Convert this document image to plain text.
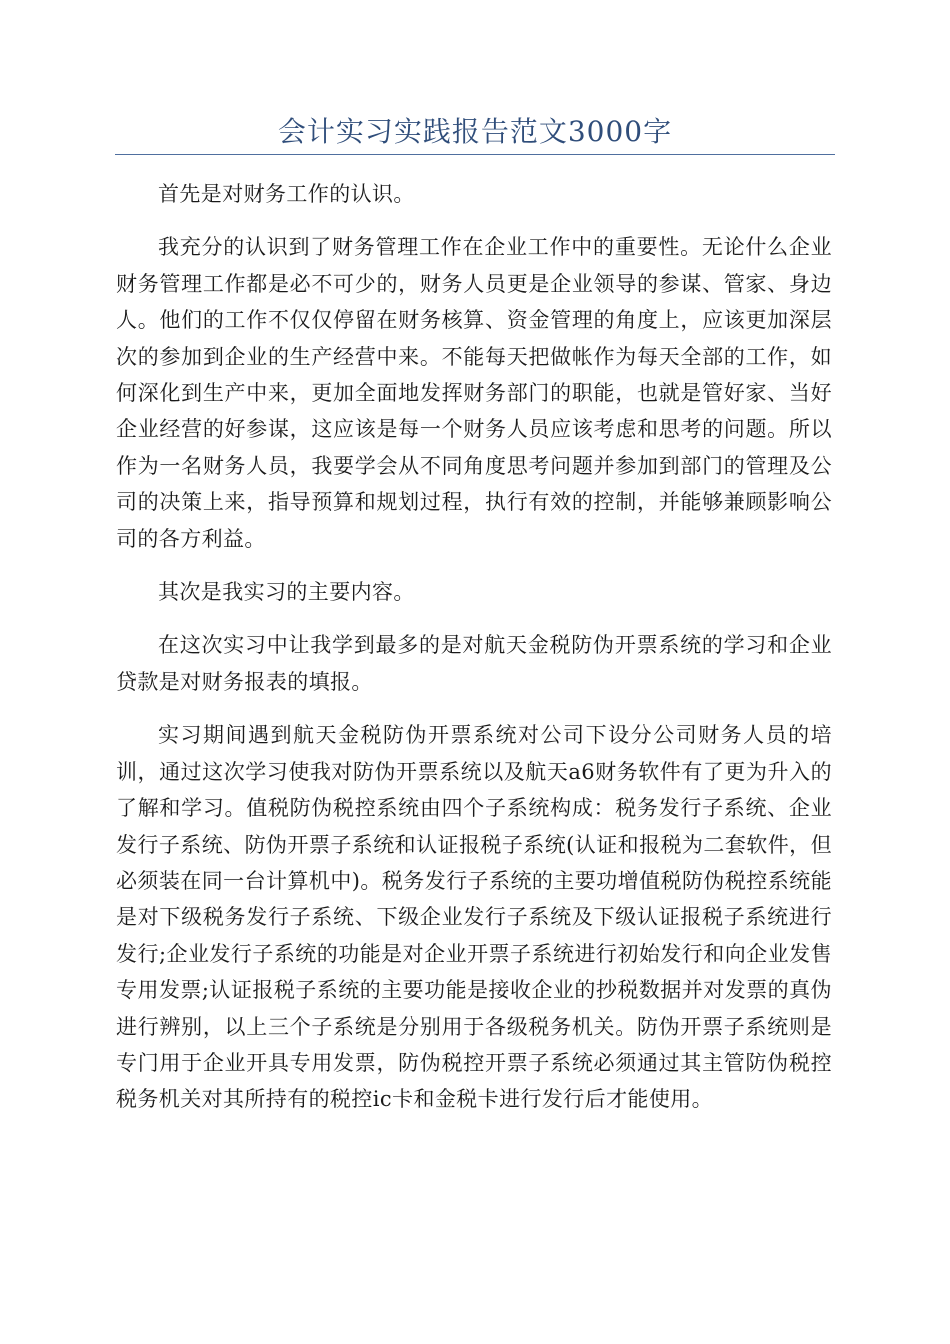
会计实习实践报告范文3000字

首先是对财务工作的认识。

我充分的认识到了财务管理工作在企业工作中的重要性。无论什么企业财务管理工作都是必不可少的，财务人员更是企业领导的参谋、管家、身边人。他们的工作不仅仅停留在财务核算、资金管理的角度上，应该更加深层次的参加到企业的生产经营中来。不能每天把做帐作为每天全部的工作，如何深化到生产中来，更加全面地发挥财务部门的职能，也就是管好家、当好企业经营的好参谋，这应该是每一个财务人员应该考虑和思考的问题。所以作为一名财务人员，我要学会从不同角度思考问题并参加到部门的管理及公司的决策上来，指导预算和规划过程，执行有效的控制，并能够兼顾影响公司的各方利益。

其次是我实习的主要内容。

在这次实习中让我学到最多的是对航天金税防伪开票系统的学习和企业贷款是对财务报表的填报。

实习期间遇到航天金税防伪开票系统对公司下设分公司财务人员的培训，通过这次学习使我对防伪开票系统以及航天a6财务软件有了更为升入的了解和学习。值税防伪税控系统由四个子系统构成：税务发行子系统、企业发行子系统、防伪开票子系统和认证报税子系统(认证和报税为二套软件，但必须装在同一台计算机中)。税务发行子系统的主要功增值税防伪税控系统能是对下级税务发行子系统、下级企业发行子系统及下级认证报税子系统进行发行;企业发行子系统的功能是对企业开票子系统进行初始发行和向企业发售专用发票;认证报税子系统的主要功能是接收企业的抄税数据并对发票的真伪进行辨别，以上三个子系统是分别用于各级税务机关。防伪开票子系统则是专门用于企业开具专用发票，防伪税控开票子系统必须通过其主管防伪税控税务机关对其所持有的税控ic卡和金税卡进行发行后才能使用。
